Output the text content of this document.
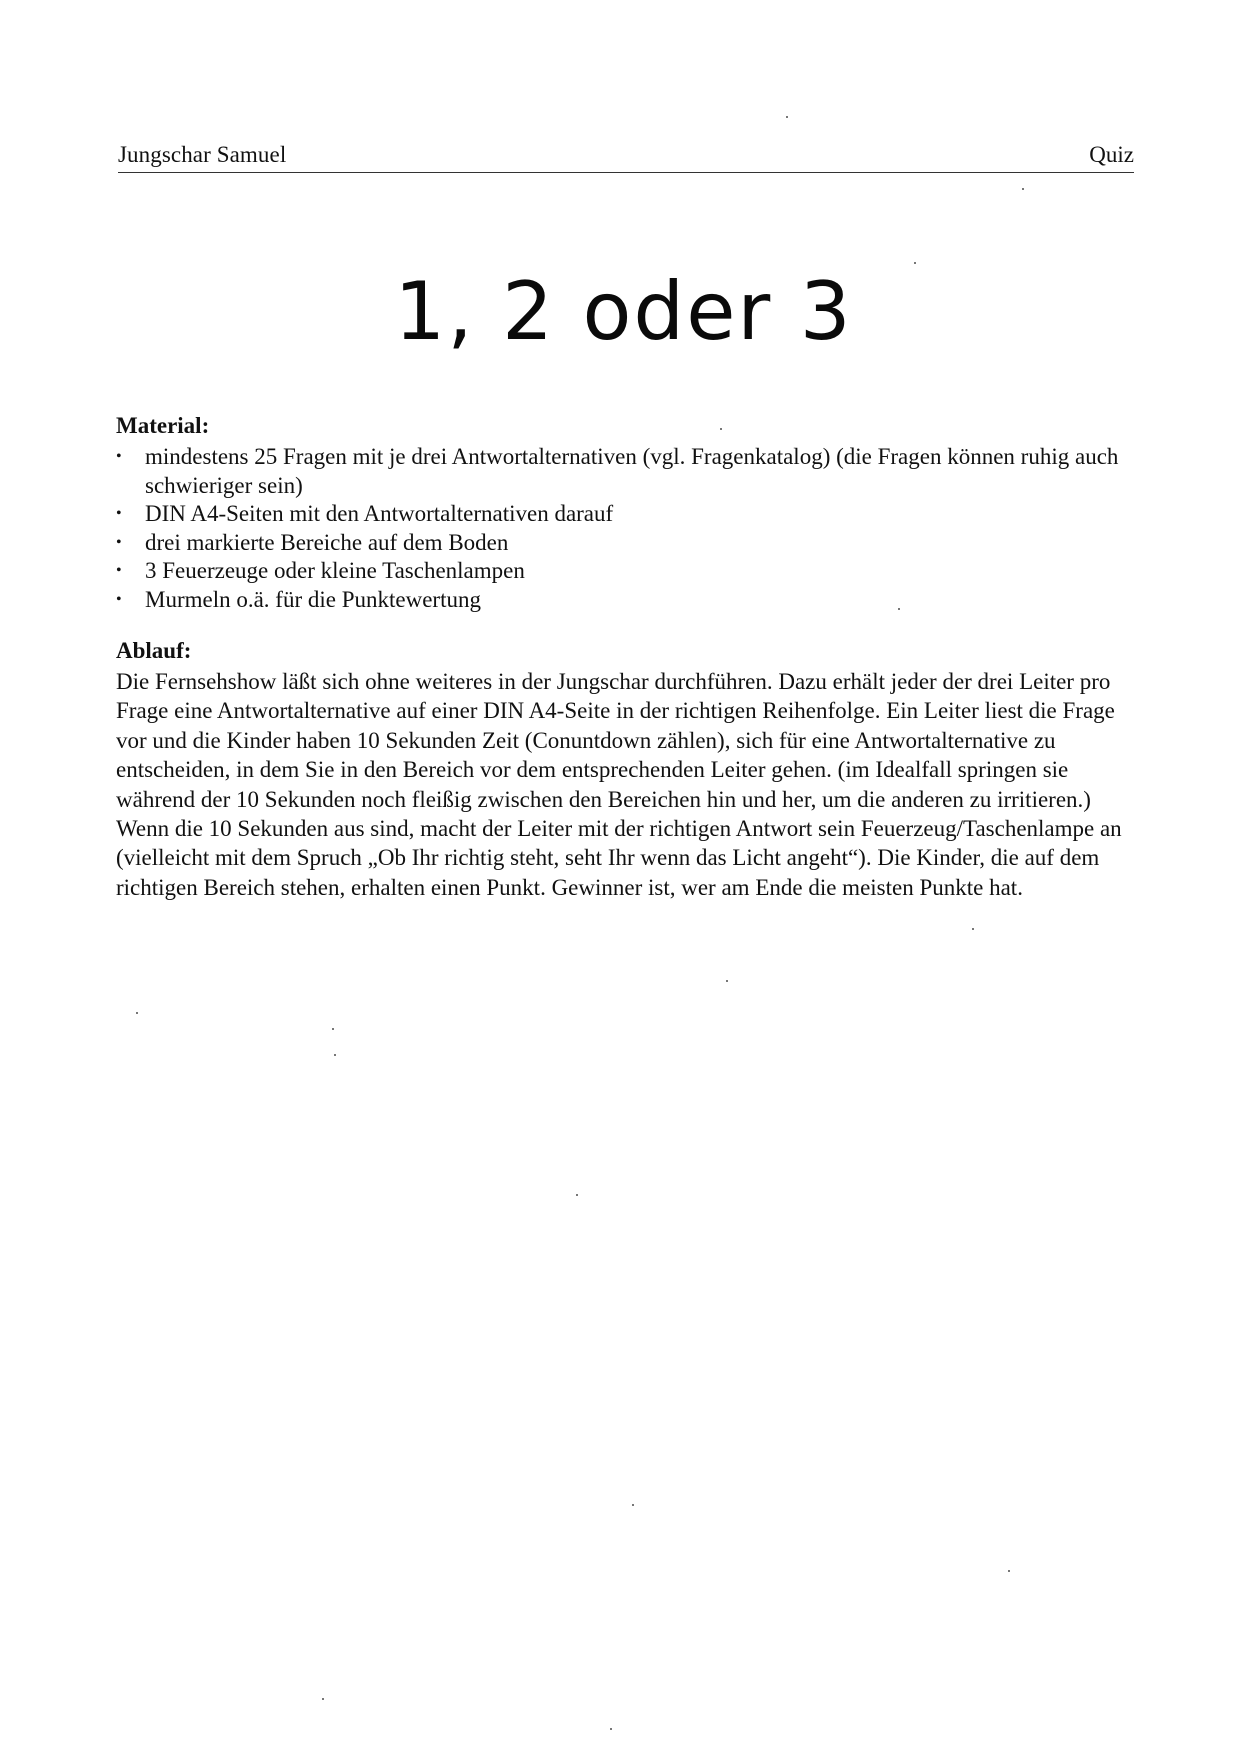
Jungschar Samuel	Quiz
1, 2 oder 3
Material:
•	mindestens 25 Fragen mit je drei Antwortalternativen (vgl. Fragenkatalog) (die Fragen können ruhig auch schwieriger sein)
•	DIN A4-Seiten mit den Antwortalternativen darauf
•	drei markierte Bereiche auf dem Boden
•	3 Feuerzeuge oder kleine Taschenlampen
•	Murmeln o.ä. für die Punktewertung
Ablauf:

Die Fernsehshow läßt sich ohne weiteres in der Jungschar durchführen. Dazu erhält jeder der drei Leiter pro Frage eine Antwortalternative auf einer DIN A4-Seite in der richtigen Reihenfolge. Ein Leiter liest die Frage vor und die Kinder haben 10 Sekunden Zeit (Conuntdown zählen), sich für eine Antwortalternative zu entscheiden, in dem Sie in den Bereich vor dem entsprechenden Leiter gehen. (im Idealfall springen sie während der 10 Sekunden noch fleißig zwischen den Bereichen hin und her, um die anderen zu irritieren.) Wenn die 10 Sekunden aus sind, macht der Leiter mit der richtigen Antwort sein Feuerzeug/Taschenlampe an (vielleicht mit dem Spruch „Ob Ihr richtig steht, seht Ihr wenn das Licht angeht“). Die Kinder, die auf dem richtigen Bereich stehen, erhalten einen Punkt. Gewinner ist, wer am Ende die meisten Punkte hat.
